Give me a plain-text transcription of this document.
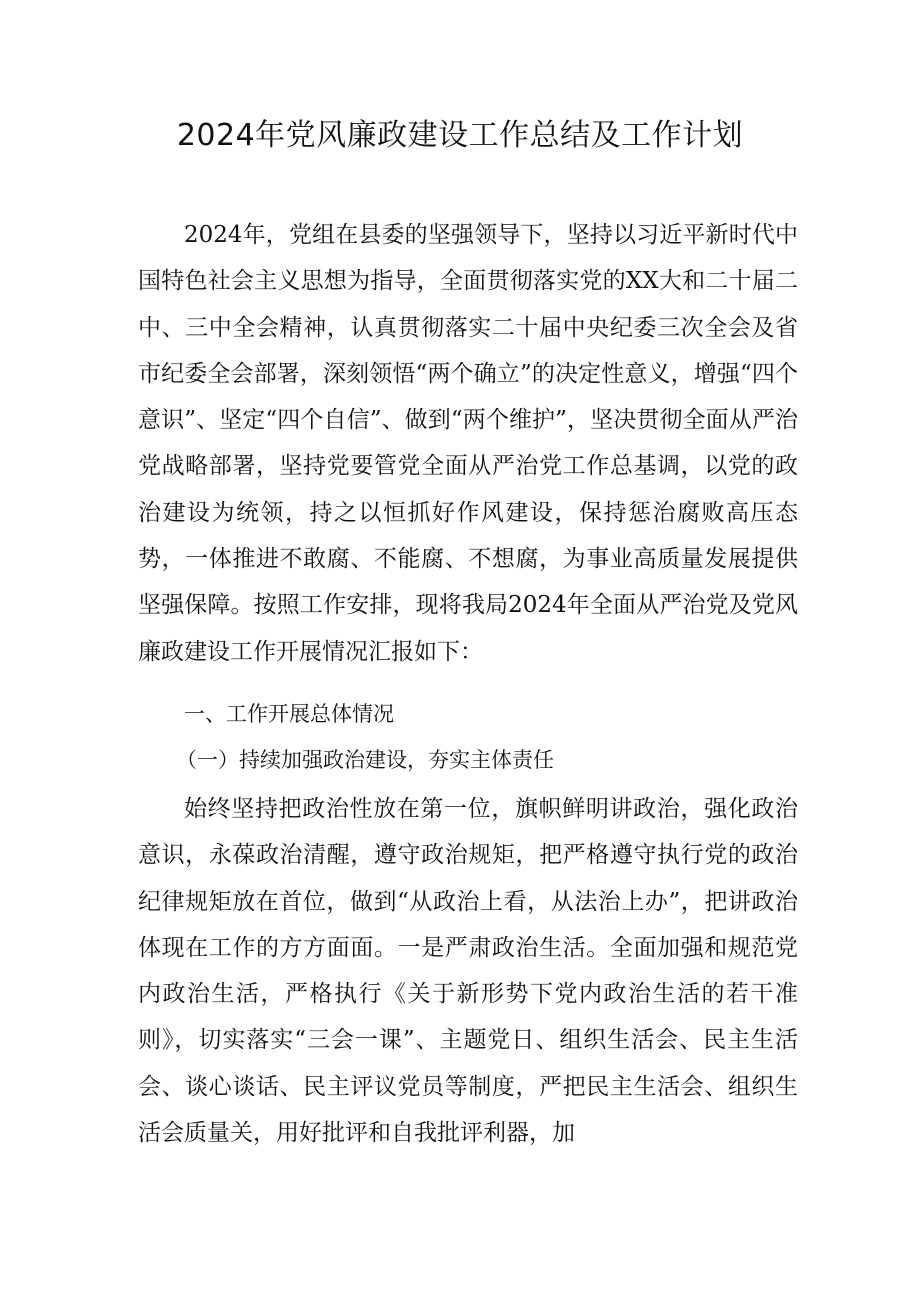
2024年党风廉政建设工作总结及工作计划

2024年，党组在县委的坚强领导下，坚持以习近平新时代中国特色社会主义思想为指导，全面贯彻落实党的XX大和二十届二中、三中全会精神，认真贯彻落实二十届中央纪委三次全会及省市纪委全会部署，深刻领悟“两个确立”的决定性意义，增强“四个意识”、坚定“四个自信”、做到“两个维护”，坚决贯彻全面从严治党战略部署，坚持党要管党全面从严治党工作总基调，以党的政治建设为统领，持之以恒抓好作风建设，保持惩治腐败高压态势，一体推进不敢腐、不能腐、不想腐，为事业高质量发展提供坚强保障。按照工作安排，现将我局2024年全面从严治党及党风廉政建设工作开展情况汇报如下：

一、工作开展总体情况
（一）持续加强政治建设，夯实主体责任

始终坚持把政治性放在第一位，旗帜鲜明讲政治，强化政治意识，永葆政治清醒，遵守政治规矩，把严格遵守执行党的政治纪律规矩放在首位，做到“从政治上看，从法治上办”，把讲政治体现在工作的方方面面。一是严肃政治生活。全面加强和规范党内政治生活，严格执行《关于新形势下党内政治生活的若干准则》，切实落实“三会一课”、主题党日、组织生活会、民主生活会、谈心谈话、民主评议党员等制度，严把民主生活会、组织生活会质量关，用好批评和自我批评利器，加
